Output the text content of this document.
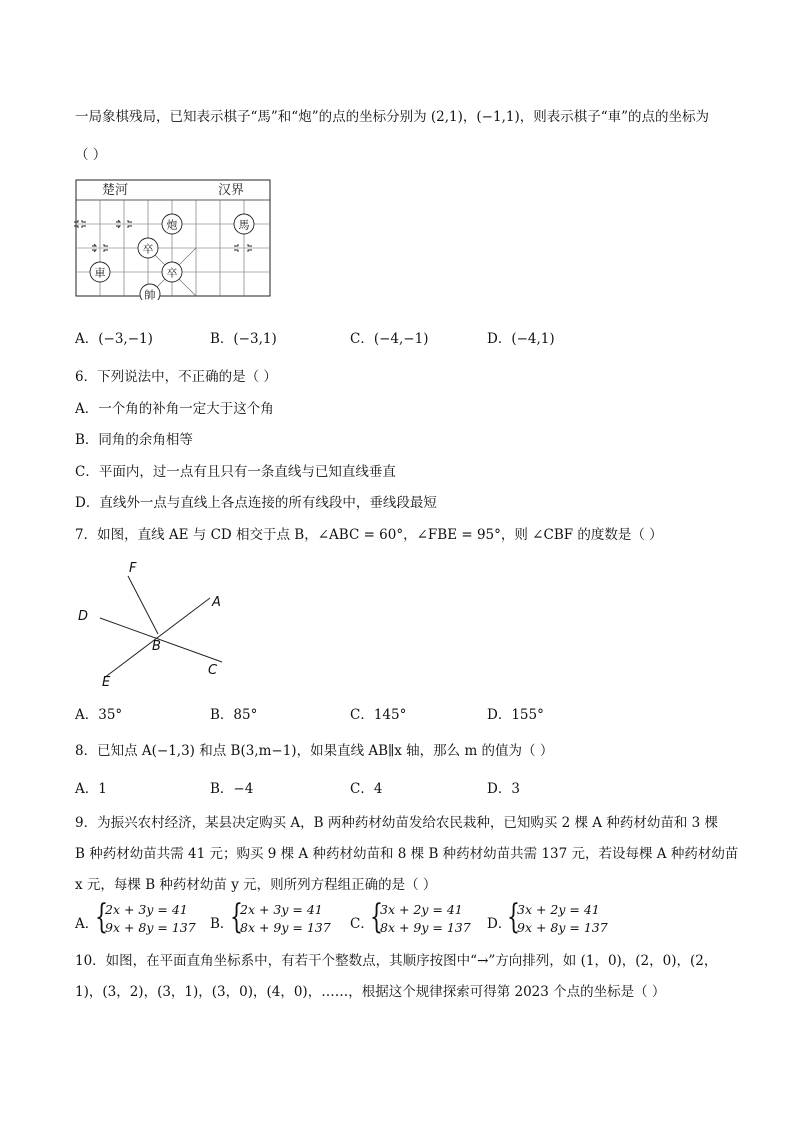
一局象棋残局，已知表示棋子“馬”和“炮”的点的坐标分别为 (2,1)，(−1,1)，则表示棋子“車”的点的坐标为
（ ）
楚河	汉界
炮	馬
卒
卒
車
帥
A．(−3,−1)	B．(−3,1)	C．(−4,−1)	D．(−4,1)
6．下列说法中，不正确的是（ ）
A．一个角的补角一定大于这个角
B．同角的余角相等
C．平面内，过一点有且只有一条直线与已知直线垂直
D．直线外一点与直线上各点连接的所有线段中，垂线段最短
7．如图，直线 AE 与 CD 相交于点 B，∠ABC = 60°，∠FBE = 95°，则 ∠CBF 的度数是（ ）
F
D
A
B
C
E
A．35°	B．85°	C．145°	D．155°
8．已知点 A(−1,3) 和点 B(3,m−1)，如果直线 AB∥x 轴，那么 m 的值为（ ）
A．1	B．−4	C．4	D．3
9．为振兴农村经济，某县决定购买 A，B 两种药材幼苗发给农民栽种，已知购买 2 棵 A 种药材幼苗和 3 棵
B 种药材幼苗共需 41 元；购买 9 棵 A 种药材幼苗和 8 棵 B 种药材幼苗共需 137 元，若设每棵 A 种药材幼苗
x 元，每棵 B 种药材幼苗 y 元，则所列方程组正确的是（ ）
A．
{
2x + 3y = 41
9x + 8y = 137 B．
{
2x + 3y = 41
8x + 9y = 137 C．
{
3x + 2y = 41
8x + 9y = 137 D．
{
3x + 2y = 41
9x + 8y = 137
10．如图，在平面直角坐标系中，有若干个整数点，其顺序按图中“→”方向排列，如 (1，0)，(2，0)，(2，
1)，(3，2)，(3，1)，(3，0)，(4，0)，……，根据这个规律探索可得第 2023 个点的坐标是（ ）
